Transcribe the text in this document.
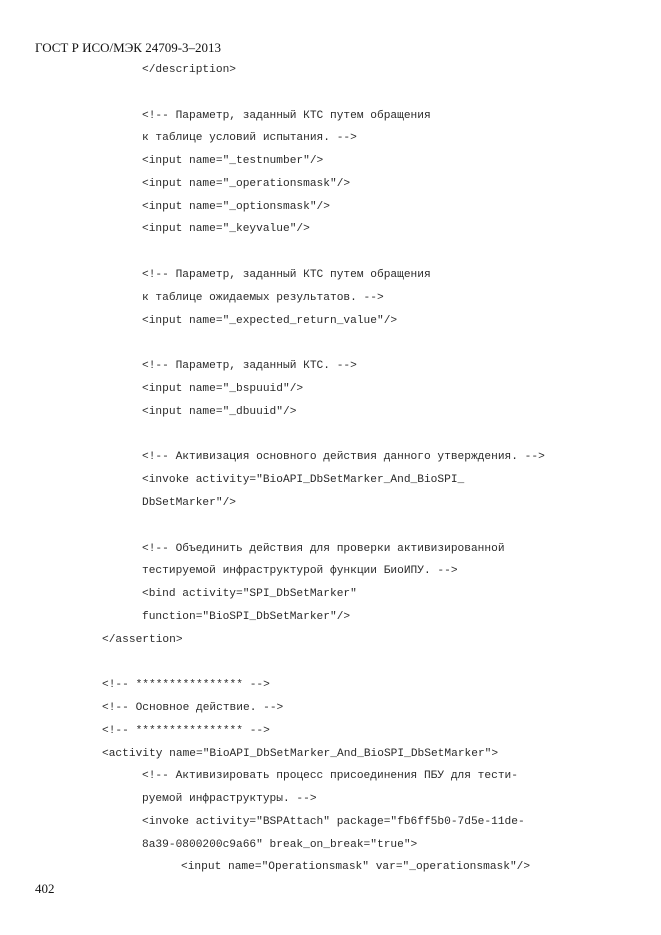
ГОСТ Р ИСО/МЭК 24709-3–2013
</description>
<!-- Параметр, заданный КТС путем обращения
к таблице условий испытания. -->
<input name="_testnumber"/>
<input name="_operationsmask"/>
<input name="_optionsmask"/>
<input name="_keyvalue"/>
<!-- Параметр, заданный КТС путем обращения
к таблице ожидаемых результатов. -->
<input name="_expected_return_value"/>
<!-- Параметр, заданный КТС. -->
<input name="_bspuuid"/>
<input name="_dbuuid"/>
<!-- Активизация основного действия данного утверждения. -->
<invoke activity="BioAPI_DbSetMarker_And_BioSPI_
DbSetMarker"/>
<!-- Объединить действия для проверки активизированной
тестируемой инфраструктурой функции БиоИПУ. -->
<bind activity="SPI_DbSetMarker"
function="BioSPI_DbSetMarker"/>
</assertion>
<!-- **************** -->
<!-- Основное действие. -->
<!-- **************** -->
<activity name="BioAPI_DbSetMarker_And_BioSPI_DbSetMarker">
<!-- Активизировать процесс присоединения ПБУ для тести-
руемой инфраструктуры. -->
<invoke activity="BSPAttach" package="fb6ff5b0-7d5e-11de-
8a39-0800200c9a66" break_on_break="true">
<input name="Operationsmask" var="_operationsmask"/>
402
